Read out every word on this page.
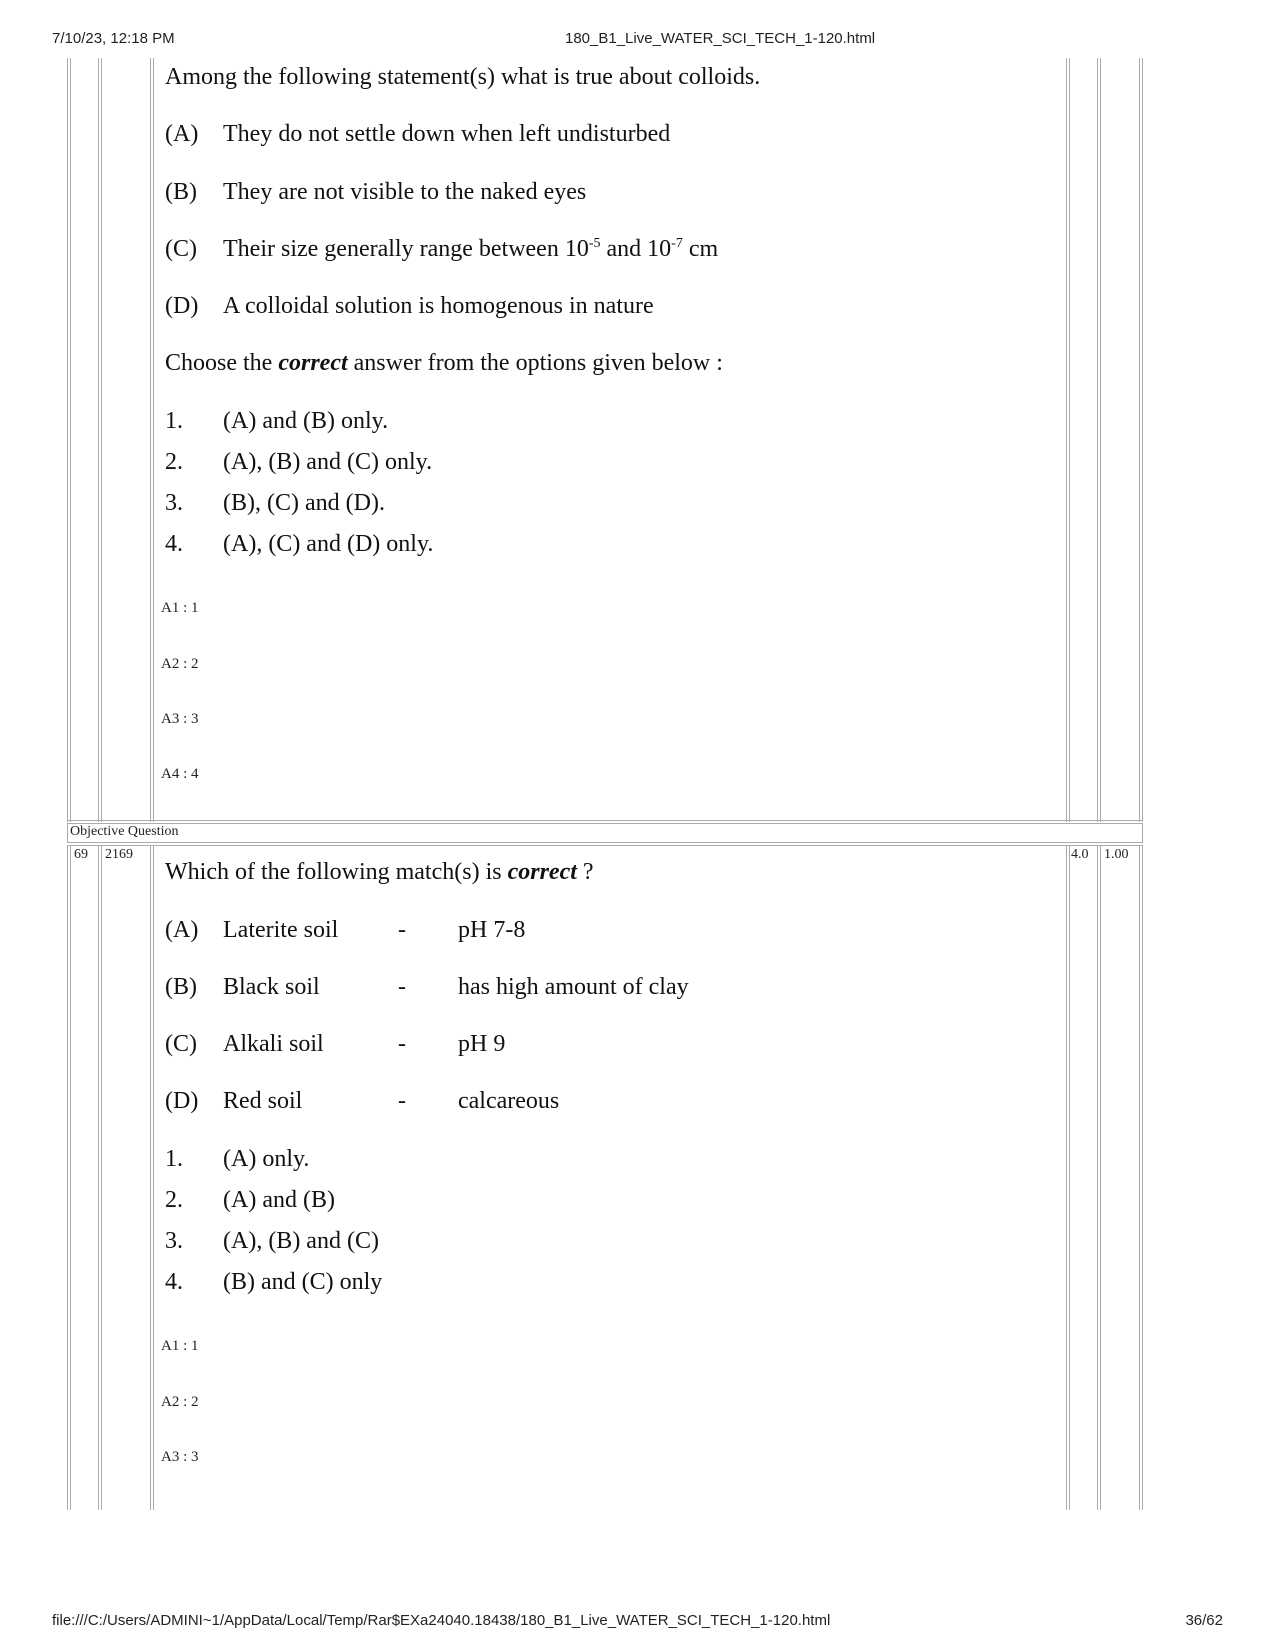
7/10/23, 12:18 PM	180_B1_Live_WATER_SCI_TECH_1-120.html
Among the following statement(s) what is true about colloids.
(A) They do not settle down when left undisturbed
(B) They are not visible to the naked eyes
(C) Their size generally range between $10^{-5}$ and $10^{-7}$ cm
(D) A colloidal solution is homogenous in nature
Choose the correct answer from the options given below :
1. (A) and (B) only.
2. (A), (B) and (C) only.
3. (B), (C) and (D).
4. (A), (C) and (D) only.
A1 : 1
A2 : 2
A3 : 3
A4 : 4
Objective Question
69 2169	4.0 1.00
Which of the following match(s) is correct ?
(A) Laterite soil - pH 7-8
(B) Black soil	- has high amount of clay
(C) Alkali soil	- pH 9
(D) Red soil	- calcareous
1. (A) only.
2. (A) and (B)
3. (A), (B) and (C)
4. (B) and (C) only
A1 : 1
A2 : 2
A3 : 3
file:///C:/Users/ADMINI~1/AppData/Local/Temp/Rar$EXa24040.18438/180_B1_Live_WATER_SCI_TECH_1-120.html	36/62
